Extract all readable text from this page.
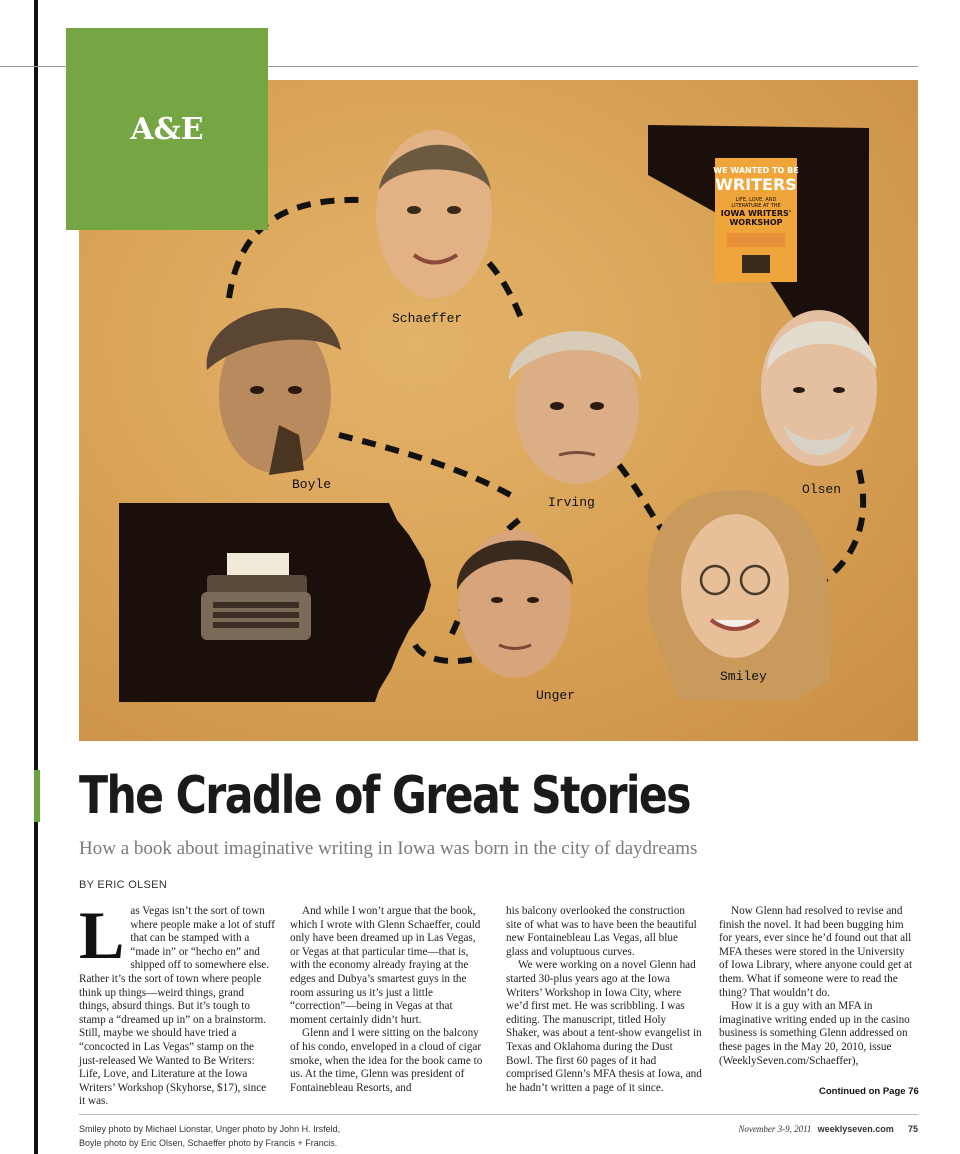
WE WANTED TO BE
WRITERS
LIFE, LOVE, AND
LITERATURE AT THE
IOWA WRITERS'
WORKSHOP
Schaeffer
Boyle
Irving
Olsen
Unger
Smiley
A&E
The Cradle of Great Stories
How a book about imaginative writing in Iowa was born in the city of daydreams
BY ERIC OLSEN

Las Vegas isn’t the sort of town where people make a lot of stuff that can be stamped with a “made in” or “hecho en” and shipped off to somewhere else. Rather it’s the sort of town where people think up things—weird things, grand things, absurd things. But it’s tough to stamp a “dreamed up in” on a brainstorm. Still, maybe we should have tried a “concocted in Las Vegas” stamp on the just-released We Wanted to Be Writers: Life, Love, and Literature at the Iowa Writers’ Workshop (Skyhorse, $17), since it was.

And while I won’t argue that the book, which I wrote with Glenn Schaeffer, could only have been dreamed up in Las Vegas, or Vegas at that particular time—that is, with the economy already fraying at the edges and Dubya’s smartest guys in the room assuring us it’s just a little “correction”—being in Vegas at that moment certainly didn’t hurt.

Glenn and I were sitting on the balcony of his condo, enveloped in a cloud of cigar smoke, when the idea for the book came to us. At the time, Glenn was president of Fontainebleau Resorts, and

his balcony overlooked the construction site of what was to have been the beautiful new Fontainebleau Las Vegas, all blue glass and voluptuous curves.

We were working on a novel Glenn had started 30-plus years ago at the Iowa Writers’ Workshop in Iowa City, where we’d first met. He was scribbling. I was editing. The manuscript, titled Holy Shaker, was about a tent-show evangelist in Texas and Oklahoma during the Dust Bowl. The first 60 pages of it had comprised Glenn’s MFA thesis at Iowa, and he hadn’t written a page of it since.

Now Glenn had resolved to revise and finish the novel. It had been bugging him for years, ever since he’d found out that all MFA theses were stored in the University of Iowa Library, where anyone could get at them. What if someone were to read the thing? That wouldn’t do.

How it is a guy with an MFA in imaginative writing ended up in the casino business is something Glenn addressed on these pages in the May 20, 2010, issue (WeeklySeven.com/Schaeffer),

Continued on Page 76
Smiley photo by Michael Lionstar, Unger photo by John H. Irsfeld,
Boyle photo by Eric Olsen, Schaeffer photo by Francis + Francis.
November 3-9, 2011 weeklyseven.com 75
